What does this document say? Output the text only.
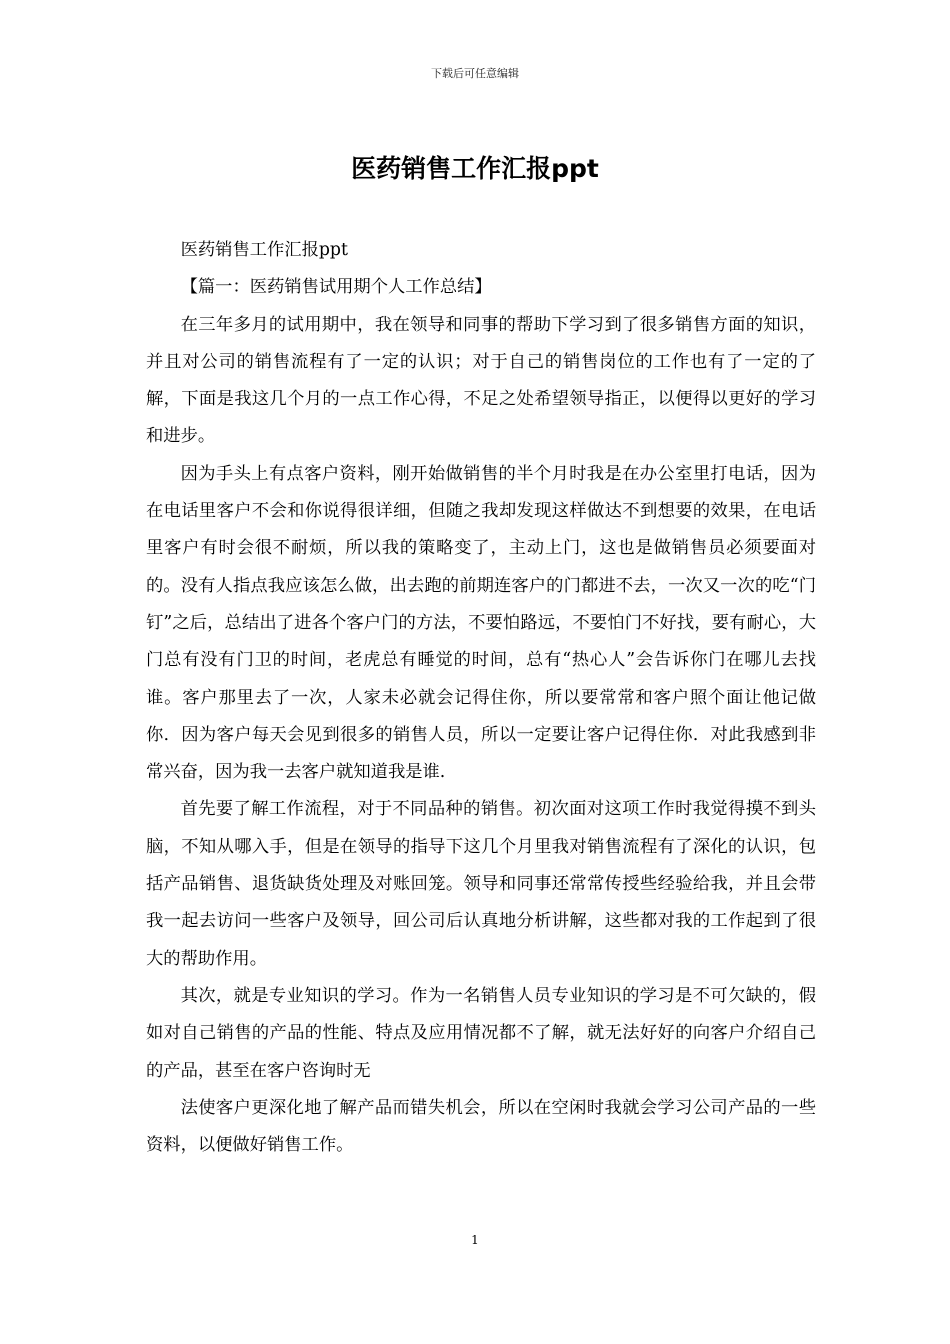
下载后可任意编辑
医药销售工作汇报ppt

医药销售工作汇报ppt

【篇一：医药销售试用期个人工作总结】

在三年多月的试用期中，我在领导和同事的帮助下学习到了很多销售方面的知识，并且对公司的销售流程有了一定的认识；对于自己的销售岗位的工作也有了一定的了解，下面是我这几个月的一点工作心得，不足之处希望领导指正，以便得以更好的学习和进步。

因为手头上有点客户资料，刚开始做销售的半个月时我是在办公室里打电话，因为在电话里客户不会和你说得很详细，但随之我却发现这样做达不到想要的效果，在电话里客户有时会很不耐烦，所以我的策略变了，主动上门，这也是做销售员必须要面对的。没有人指点我应该怎么做，出去跑的前期连客户的门都进不去，一次又一次的吃“门钉”之后，总结出了进各个客户门的方法，不要怕路远，不要怕门不好找，要有耐心，大门总有没有门卫的时间，老虎总有睡觉的时间，总有“热心人”会告诉你门在哪儿去找谁。客户那里去了一次，人家未必就会记得住你，所以要常常和客户照个面让他记做你．因为客户每天会见到很多的销售人员，所以一定要让客户记得住你．对此我感到非常兴奋，因为我一去客户就知道我是谁.

首先要了解工作流程，对于不同品种的销售。初次面对这项工作时我觉得摸不到头脑，不知从哪入手，但是在领导的指导下这几个月里我对销售流程有了深化的认识，包括产品销售、退货缺货处理及对账回笼。领导和同事还常常传授些经验给我，并且会带我一起去访问一些客户及领导，回公司后认真地分析讲解，这些都对我的工作起到了很大的帮助作用。

其次，就是专业知识的学习。作为一名销售人员专业知识的学习是不可欠缺的，假如对自己销售的产品的性能、特点及应用情况都不了解，就无法好好的向客户介绍自己的产品，甚至在客户咨询时无

法使客户更深化地了解产品而错失机会，所以在空闲时我就会学习公司产品的一些资料，以便做好销售工作。

1
